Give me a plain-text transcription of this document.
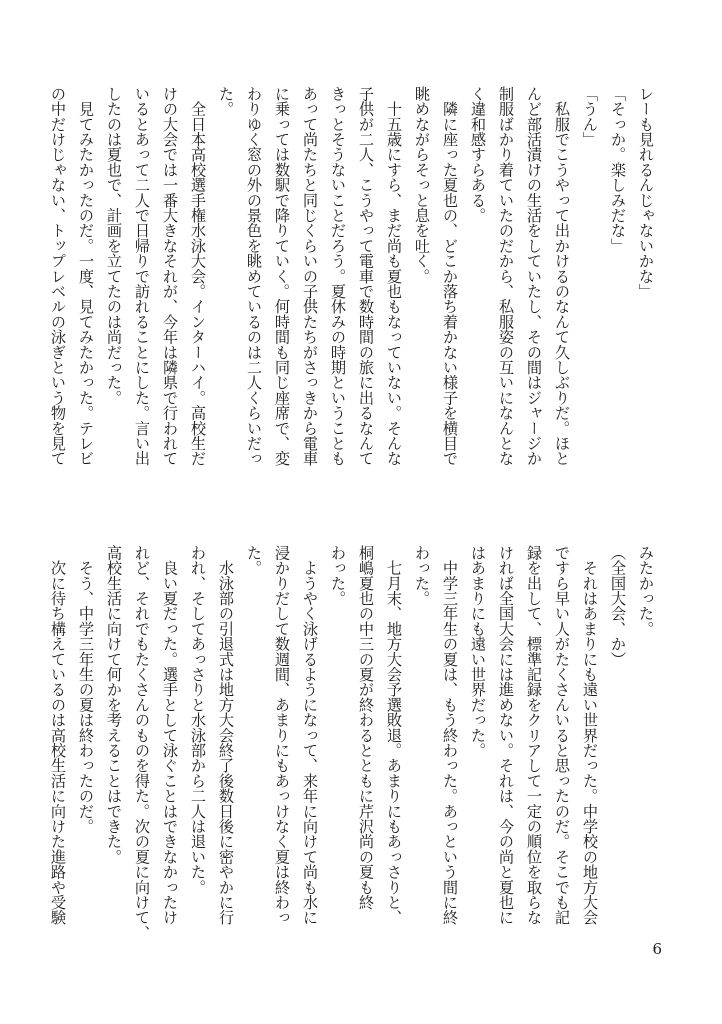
レーも見れるんじゃないかな」
「そっか。楽しみだな」
「うん」
　私服でこうやって出かけるのなんて久しぶりだ。ほと
んど部活漬けの生活をしていたし、その間はジャージか
制服ばかり着ていたのだから、私服姿の互いになんとな
く違和感すらある。
　隣に座った夏也の、どこか落ち着かない様子を横目で
眺めながらそっと息を吐く。
　十五歳にすら、まだ尚も夏也もなっていない。そんな
子供が二人、こうやって電車で数時間の旅に出るなんて
きっとそうないことだろう。夏休みの時期ということも
あって尚たちと同じくらいの子供たちがさっきから電車
に乗っては数駅で降りていく。何時間も同じ座席で、変
わりゆく窓の外の景色を眺めているのは二人くらいだっ
た。
　全日本高校選手権水泳大会。インターハイ。高校生だ
けの大会では一番大きなそれが、今年は隣県で行われて
いるとあって二人で日帰りで訪れることにした。言い出
したのは夏也で、計画を立てたのは尚だった。
　見てみたかったのだ。一度、見てみたかった。テレビ
の中だけじゃない、トップレベルの泳ぎという物を見て
みたかった。
（全国大会、か）
　それはあまりにも遠い世界だった。中学校の地方大会
ですら早い人がたくさんいると思ったのだ。そこでも記
録を出して、標準記録をクリアして一定の順位を取らな
ければ全国大会には進めない。それは、今の尚と夏也に
はあまりにも遠い世界だった。
　中学三年生の夏は、もう終わった。あっという間に終
わった。
　七月末、地方大会予選敗退。あまりにもあっさりと、
桐嶋夏也の中三の夏が終わるとともに芹沢尚の夏も終
わった。
　ようやく泳げるようになって、来年に向けて尚も水に
浸かりだして数週間、あまりにもあっけなく夏は終わっ
た。
　水泳部の引退式は地方大会終了後数日後に密やかに行
われ、そしてあっさりと水泳部から二人は退いた。
　良い夏だった。選手として泳ぐことはできなかったけ
れど、それでもたくさんのものを得た。次の夏に向けて、
高校生活に向けて何かを考えることはできた。
　そう、中学三年生の夏は終わったのだ。
　次に待ち構えているのは高校生活に向けた進路や受験
6
